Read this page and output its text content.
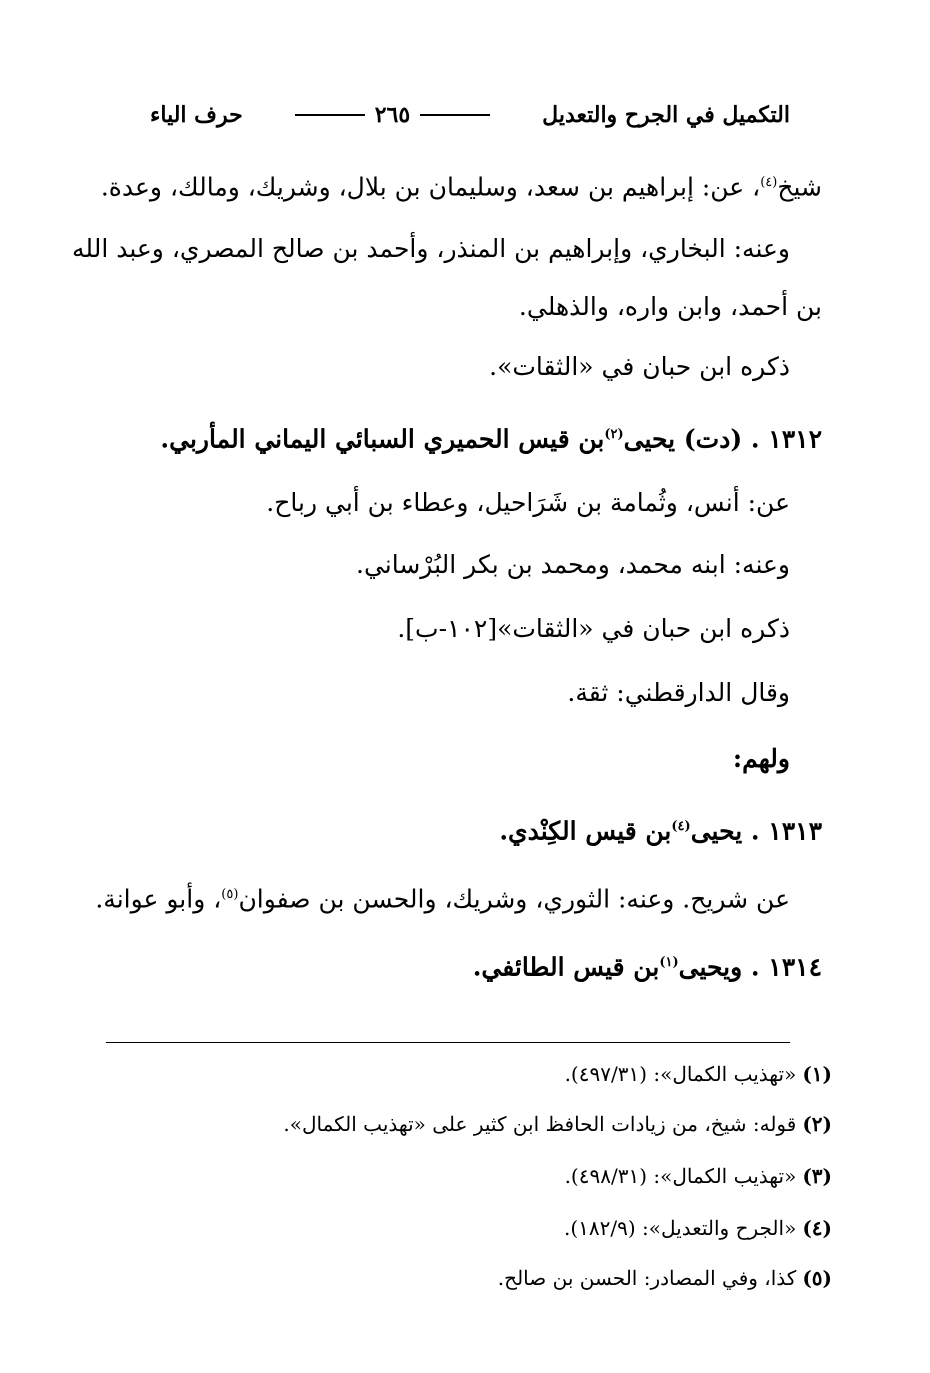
التكميل في الجرح والتعديل
٢٦٥
حرف الياء
شيخ$^{(٤)}$، عن: إبراهيم بن سعد، وسليمان بن بلال، وشريك، ومالك، وعدة.
وعنه: البخاري، وإبراهيم بن المنذر، وأحمد بن صالح المصري، وعبد الله
بن أحمد، وابن واره، والذهلي.
ذكره ابن حبان في «الثقات».
١٣١٢ . (دت) يحيى$^{(٢)}$بن قيس الحميري السبائي اليماني المأربي.
عن: أنس، وثُمامة بن شَرَاحيل، وعطاء بن أبي رباح.
وعنه: ابنه محمد، ومحمد بن بكر البُرْساني.
ذكره ابن حبان في «الثقات»[١٠٢-ب].
وقال الدارقطني: ثقة.
ولهم:
١٣١٣ . يحيى$^{(٤)}$بن قيس الكِنْدي.
عن شريح. وعنه: الثوري، وشريك، والحسن بن صفوان$^{(٥)}$، وأبو عوانة.
١٣١٤ . ويحيى$^{(١)}$بن قيس الطائفي.
(١)«تهذيب الكمال»: (٤٩٧/٣١).
(٢)قوله: شيخ، من زيادات الحافظ ابن كثير على «تهذيب الكمال».
(٣)«تهذيب الكمال»: (٤٩٨/٣١).
(٤)«الجرح والتعديل»: (١٨٢/٩).
(٥)كذا، وفي المصادر: الحسن بن صالح.
